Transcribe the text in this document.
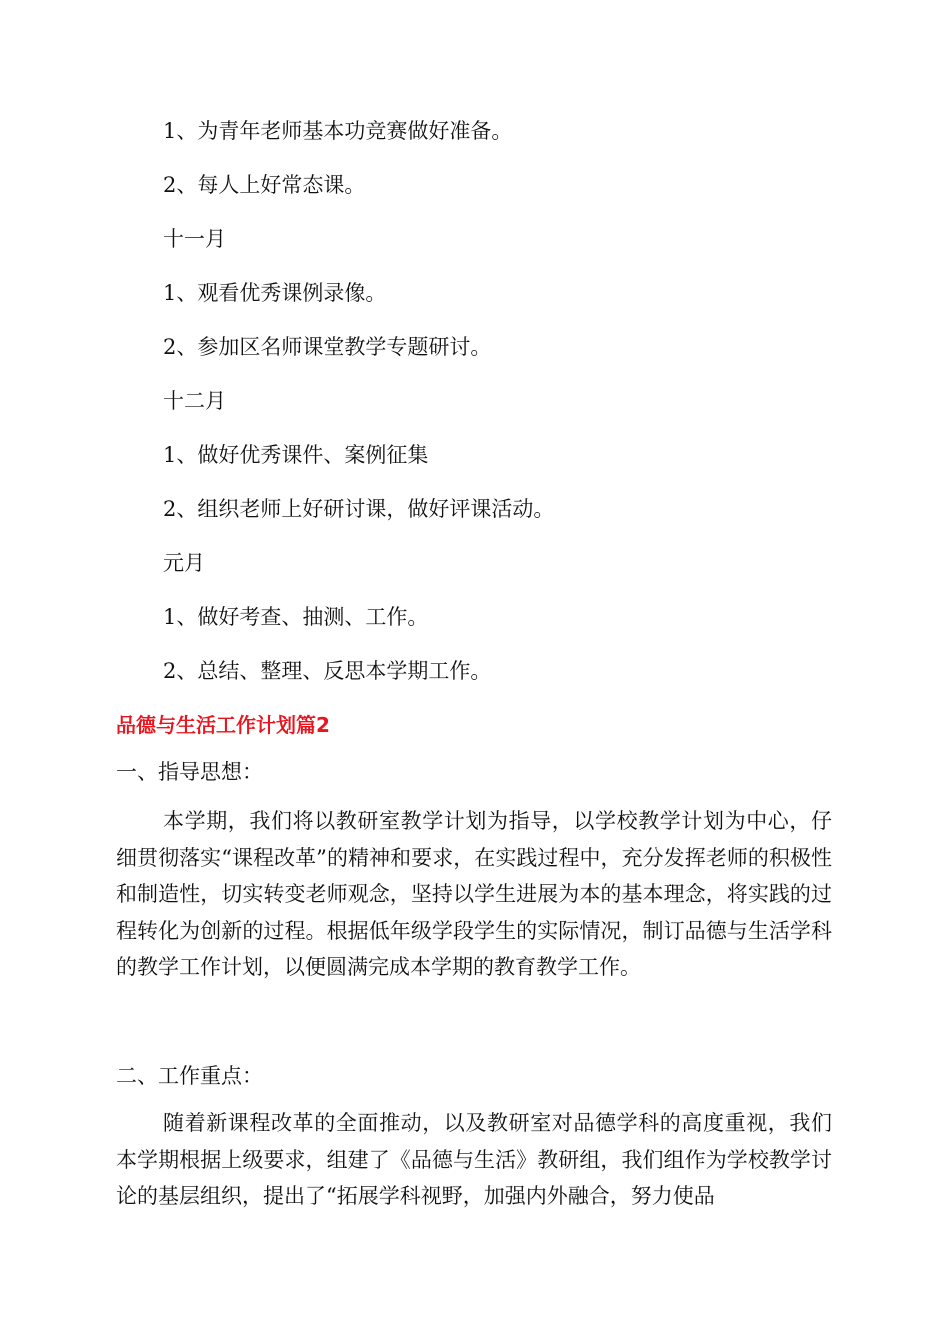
1、为青年老师基本功竞赛做好准备。
2、每人上好常态课。
十一月
1、观看优秀课例录像。
2、参加区名师课堂教学专题研讨。
十二月
1、做好优秀课件、案例征集
2、组织老师上好研讨课，做好评课活动。
元月
1、做好考查、抽测、工作。
2、总结、整理、反思本学期工作。
品德与生活工作计划篇2
一、指导思想：

本学期，我们将以教研室教学计划为指导，以学校教学计划为中心，仔细贯彻落实“课程改革”的精神和要求，在实践过程中，充分发挥老师的积极性和制造性，切实转变老师观念，坚持以学生进展为本的基本理念，将实践的过程转化为创新的过程。根据低年级学段学生的实际情况，制订品德与生活学科的教学工作计划，以便圆满完成本学期的教育教学工作。

二、工作重点：

随着新课程改革的全面推动，以及教研室对品德学科的高度重视，我们本学期根据上级要求，组建了《品德与生活》教研组，我们组作为学校教学讨论的基层组织，提出了“拓展学科视野，加强内外融合，努力使品
